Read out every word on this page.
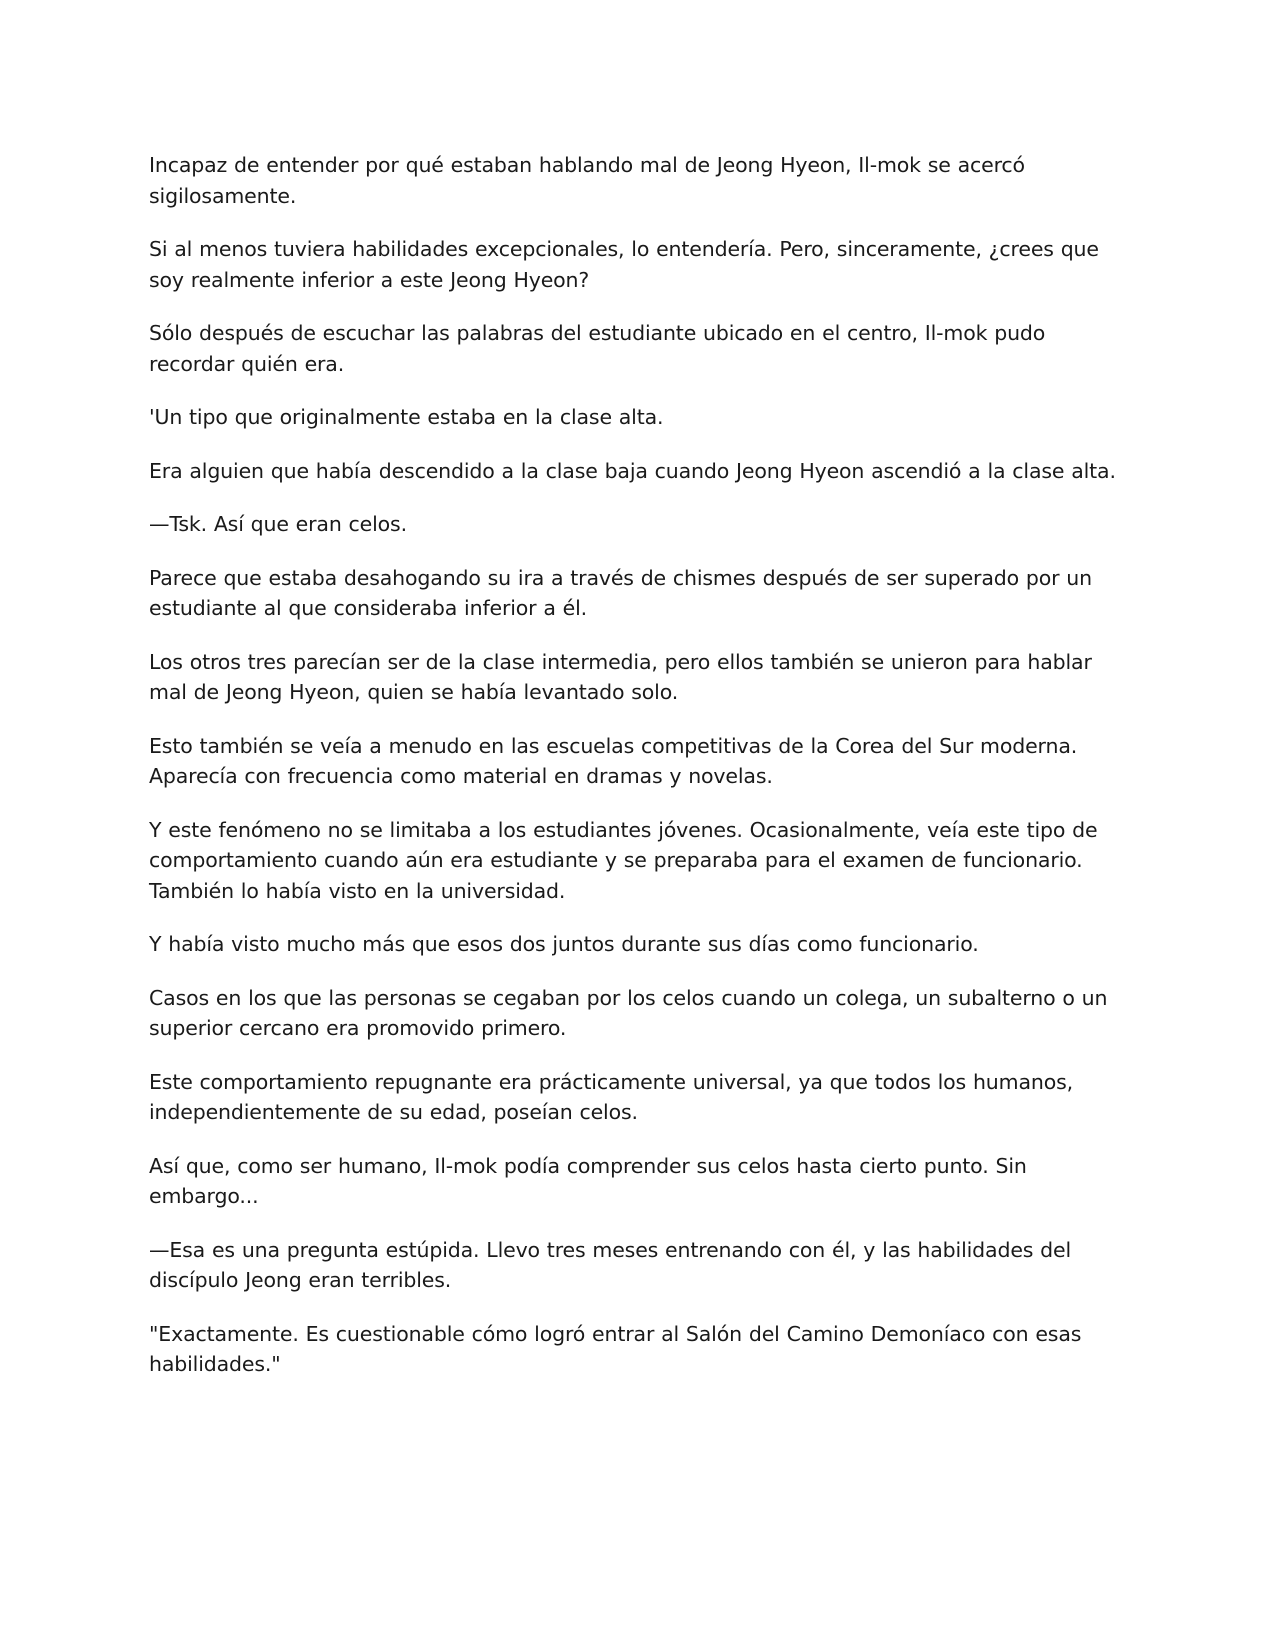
Incapaz de entender por qué estaban hablando mal de Jeong Hyeon, Il-mok se acercó
sigilosamente.

Si al menos tuviera habilidades excepcionales, lo entendería. Pero, sinceramente, ¿crees que
soy realmente inferior a este Jeong Hyeon?

Sólo después de escuchar las palabras del estudiante ubicado en el centro, Il-mok pudo
recordar quién era.

'Un tipo que originalmente estaba en la clase alta.

Era alguien que había descendido a la clase baja cuando Jeong Hyeon ascendió a la clase alta.

—Tsk. Así que eran celos.

Parece que estaba desahogando su ira a través de chismes después de ser superado por un
estudiante al que consideraba inferior a él.

Los otros tres parecían ser de la clase intermedia, pero ellos también se unieron para hablar
mal de Jeong Hyeon, quien se había levantado solo.

Esto también se veía a menudo en las escuelas competitivas de la Corea del Sur moderna.
Aparecía con frecuencia como material en dramas y novelas.

Y este fenómeno no se limitaba a los estudiantes jóvenes. Ocasionalmente, veía este tipo de
comportamiento cuando aún era estudiante y se preparaba para el examen de funcionario.
También lo había visto en la universidad.

Y había visto mucho más que esos dos juntos durante sus días como funcionario.

Casos en los que las personas se cegaban por los celos cuando un colega, un subalterno o un
superior cercano era promovido primero.

Este comportamiento repugnante era prácticamente universal, ya que todos los humanos,
independientemente de su edad, poseían celos.

Así que, como ser humano, Il-mok podía comprender sus celos hasta cierto punto. Sin
embargo...

—Esa es una pregunta estúpida. Llevo tres meses entrenando con él, y las habilidades del
discípulo Jeong eran terribles.

"Exactamente. Es cuestionable cómo logró entrar al Salón del Camino Demoníaco con esas
habilidades."
